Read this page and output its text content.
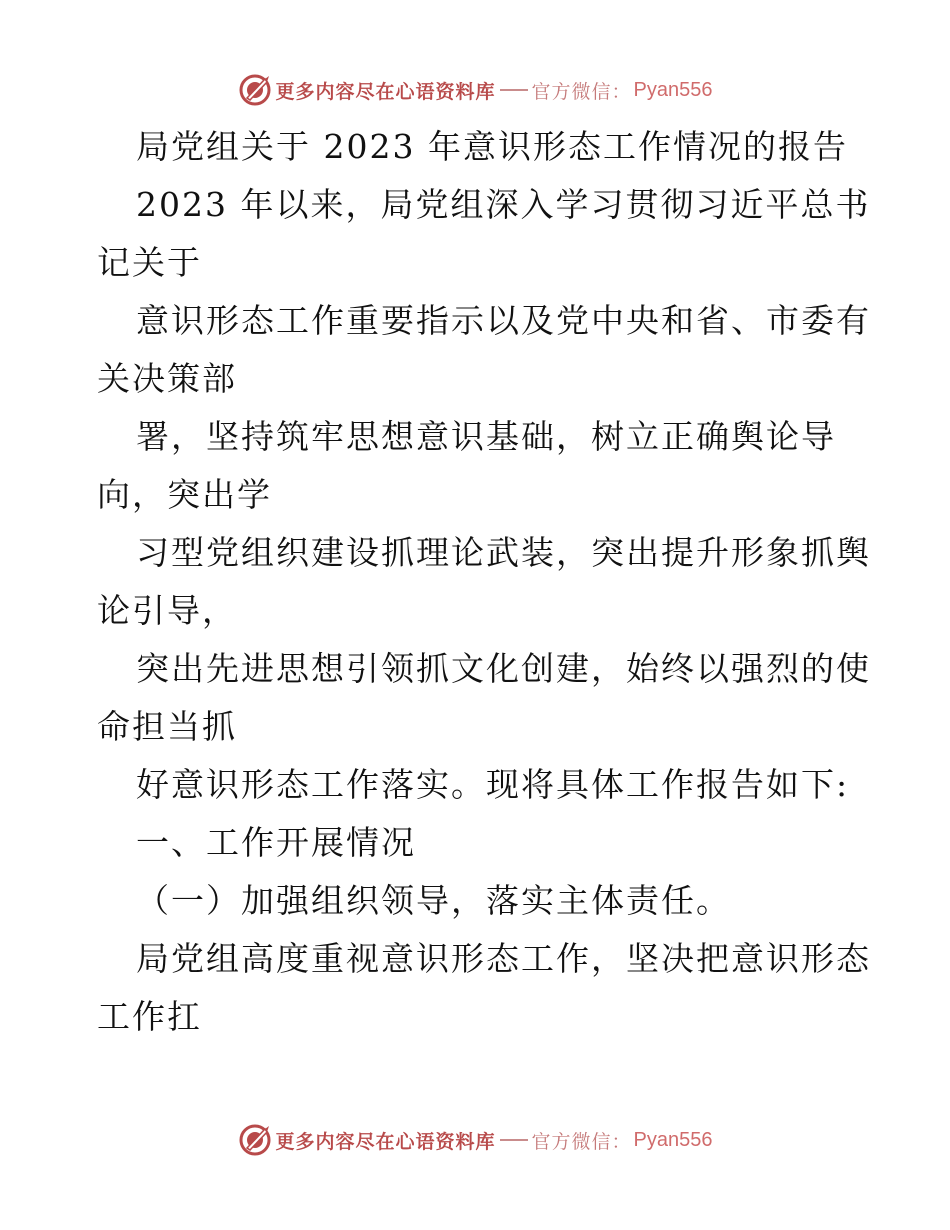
更多内容尽在心语资料库 官方微信： Pyan556
局党组关于 2023 年意识形态工作情况的报告
2023 年以来，局党组深入学习贯彻习近平总书
记关于
意识形态工作重要指示以及党中央和省、市委有
关决策部
署，坚持筑牢思想意识基础，树立正确舆论导
向，突出学
习型党组织建设抓理论武装，突出提升形象抓舆
论引导，
突出先进思想引领抓文化创建，始终以强烈的使
命担当抓
好意识形态工作落实。现将具体工作报告如下:
一、工作开展情况
（一）加强组织领导，落实主体责任。
局党组高度重视意识形态工作，坚决把意识形态
工作扛
更多内容尽在心语资料库 官方微信： Pyan556
